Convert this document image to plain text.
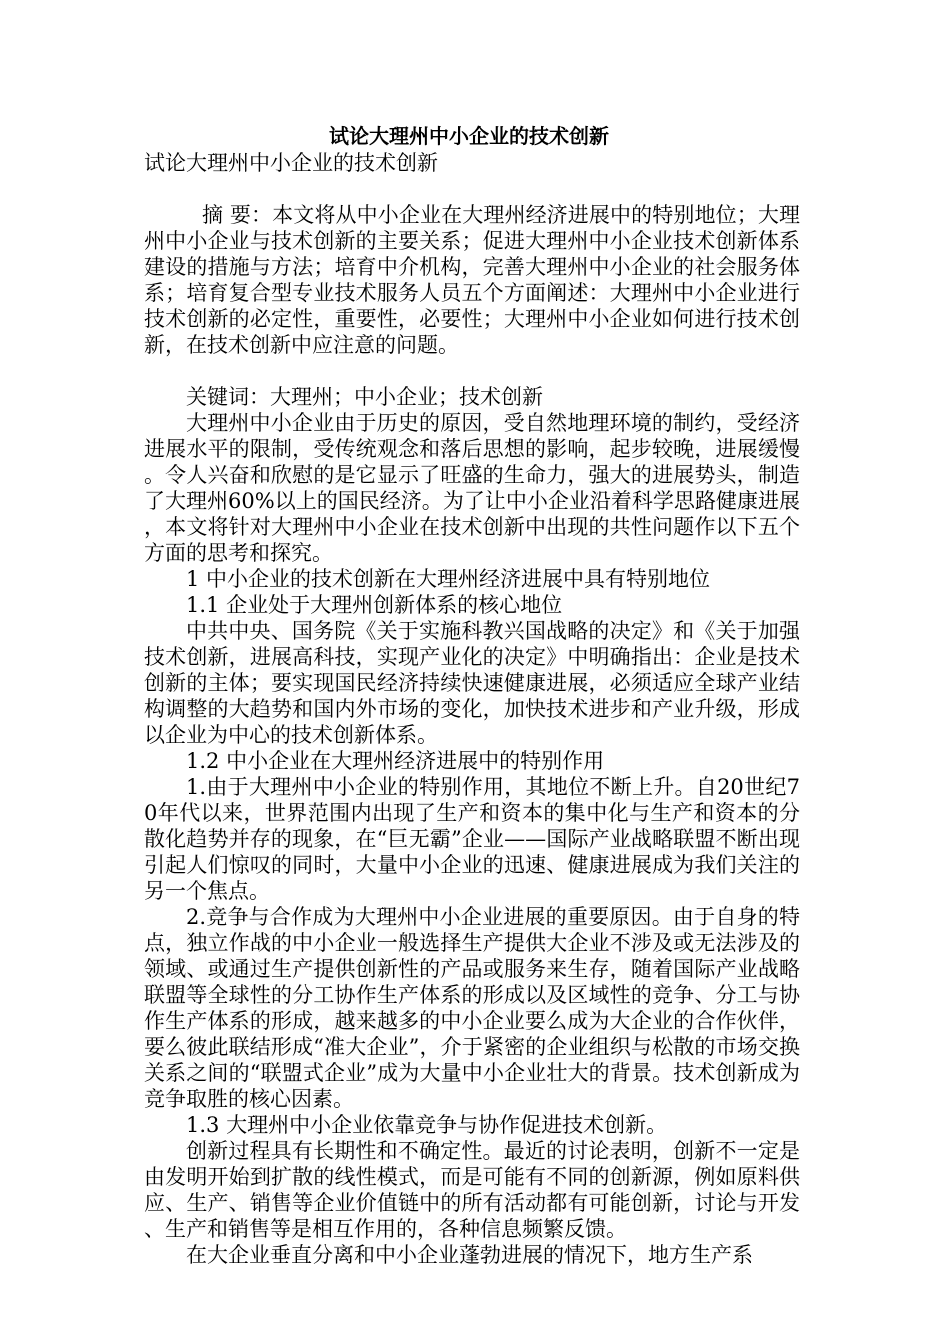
试论大理州中小企业的技术创新

试论大理州中小企业的技术创新

摘 要：本文将从中小企业在大理州经济进展中的特别地位；大理州中小企业与技术创新的主要关系；促进大理州中小企业技术创新体系建设的措施与方法；培育中介机构，完善大理州中小企业的社会服务体系；培育复合型专业技术服务人员五个方面阐述：大理州中小企业进行技术创新的必定性，重要性，必要性；大理州中小企业如何进行技术创新，在技术创新中应注意的问题。

关键词：大理州；中小企业；技术创新

大理州中小企业由于历史的原因，受自然地理环境的制约，受经济进展水平的限制，受传统观念和落后思想的影响，起步较晚，进展缓慢。令人兴奋和欣慰的是它显示了旺盛的生命力，强大的进展势头，制造了大理州60%以上的国民经济。为了让中小企业沿着科学思路健康进展，本文将针对大理州中小企业在技术创新中出现的共性问题作以下五个方面的思考和探究。

1 中小企业的技术创新在大理州经济进展中具有特别地位

1.1 企业处于大理州创新体系的核心地位

中共中央、国务院《关于实施科教兴国战略的决定》和《关于加强技术创新，进展高科技，实现产业化的决定》中明确指出：企业是技术创新的主体；要实现国民经济持续快速健康进展，必须适应全球产业结构调整的大趋势和国内外市场的变化，加快技术进步和产业升级，形成以企业为中心的技术创新体系。

1.2 中小企业在大理州经济进展中的特别作用

1.由于大理州中小企业的特别作用，其地位不断上升。自20世纪70年代以来，世界范围内出现了生产和资本的集中化与生产和资本的分散化趋势并存的现象，在“巨无霸”企业——国际产业战略联盟不断出现引起人们惊叹的同时，大量中小企业的迅速、健康进展成为我们关注的另一个焦点。

2.竞争与合作成为大理州中小企业进展的重要原因。由于自身的特点，独立作战的中小企业一般选择生产提供大企业不涉及或无法涉及的领域、或通过生产提供创新性的产品或服务来生存，随着国际产业战略联盟等全球性的分工协作生产体系的形成以及区域性的竞争、分工与协作生产体系的形成，越来越多的中小企业要么成为大企业的合作伙伴，要么彼此联结形成“准大企业”，介于紧密的企业组织与松散的市场交换关系之间的“联盟式企业”成为大量中小企业壮大的背景。技术创新成为竞争取胜的核心因素。

1.3 大理州中小企业依靠竞争与协作促进技术创新。

创新过程具有长期性和不确定性。最近的讨论表明，创新不一定是由发明开始到扩散的线性模式，而是可能有不同的创新源，例如原料供应、生产、销售等企业价值链中的所有活动都有可能创新，讨论与开发、生产和销售等是相互作用的，各种信息频繁反馈。

在大企业垂直分离和中小企业蓬勃进展的情况下，地方生产系
